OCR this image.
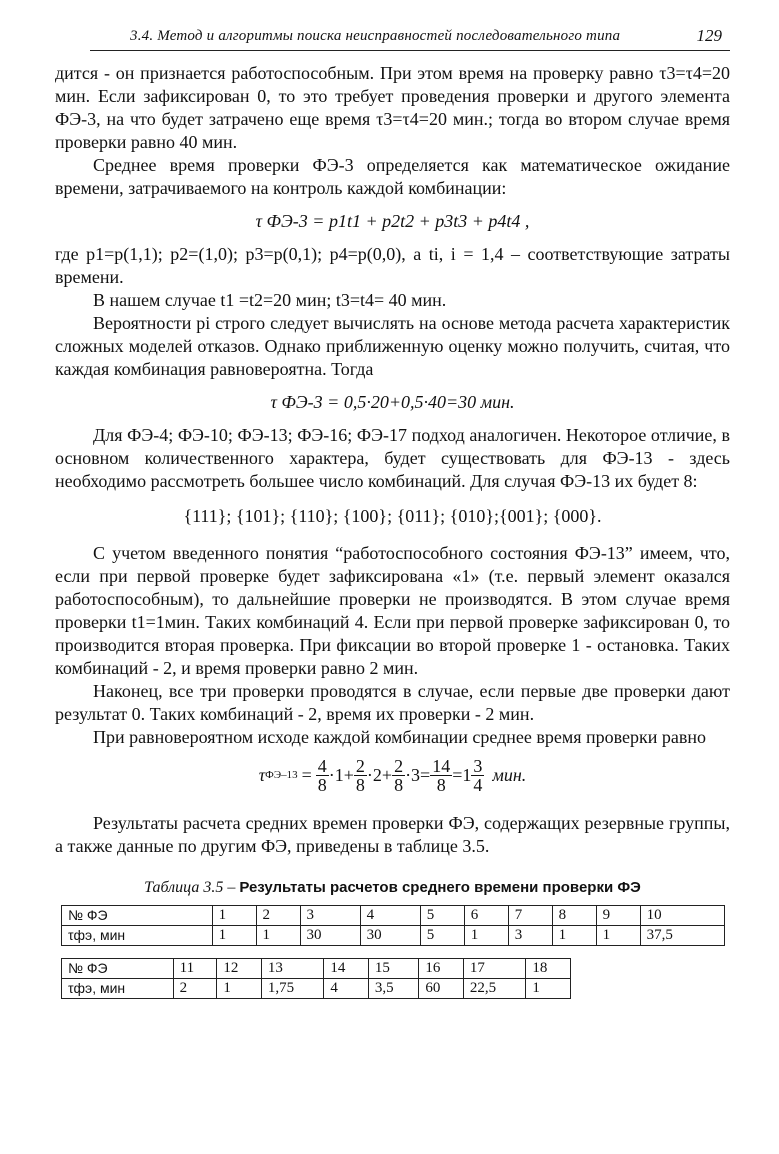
3.4. Метод и алгоритмы поиска неисправностей последовательного типа	129

дится - он признается работоспособным. При этом время на проверку равно τ3=τ4=20 мин. Если зафиксирован 0, то это требует проведения проверки и другого элемента ФЭ-3, на что будет затрачено еще время τ3=τ4=20 мин.; тогда во втором случае время проверки равно 40 мин.

Среднее время проверки ФЭ-3 определяется как математическое ожидание времени, затрачиваемого на контроль каждой комбинации:

τ ФЭ-3 = p1t1 + p2t2 + p3t3 + p4t4 ,

где p1=p(1,1); p2=(1,0); p3=p(0,1); p4=p(0,0), а ti, i = 1,4 – соответствующие затраты времени.

В нашем случае t1 =t2=20 мин; t3=t4= 40 мин.

Вероятности pi строго следует вычислять на основе метода расчета характеристик сложных моделей отказов. Однако приближенную оценку можно получить, считая, что каждая комбинация равновероятна. Тогда

τ ФЭ-3 = 0,5·20+0,5·40=30 мин.

Для ФЭ-4; ФЭ-10; ФЭ-13; ФЭ-16; ФЭ-17 подход аналогичен. Некоторое отличие, в основном количественного характера, будет существовать для ФЭ-13 - здесь необходимо рассмотреть большее число комбинаций. Для случая ФЭ-13 их будет 8:

{111}; {101}; {110}; {100}; {011}; {010};{001}; {000}.

С учетом введенного понятия “работоспособного состояния ФЭ-13” имеем, что, если при первой проверке будет зафиксирована «1» (т.е. первый элемент оказался работоспособным), то дальнейшие проверки не производятся. В этом случае время проверки t1=1мин. Таких комбинаций 4. Если при первой проверке зафиксирован 0, то производится вторая проверка. При фиксации во второй проверке 1 - остановка. Таких комбинаций - 2, и время проверки равно 2 мин.

Наконец, все три проверки проводятся в случае, если первые две проверки дают результат 0. Таких комбинаций - 2, время их проверки - 2 мин.

При равновероятном исходе каждой комбинации среднее время проверки равно

τ $ФЭ-13 = \frac{4}{8} \cdot 1+ \frac{2}{8} \cdot 2+ \frac{2}{8} \cdot 3= \frac{14}{8} =1 \frac{3}{4}$ мин.

Результаты расчета средних времен проверки ФЭ, содержащих резервные группы, а также данные по другим ФЭ, приведены в таблице 3.5.

Таблица 3.5 – Результаты расчетов среднего времени проверки ФЭ
№ ФЭ	1	2	3	4	5	6	7	8	9	10
τфэ, мин	1	1	30	30	5	1	3	1	1	37,5
№ ФЭ	11	12	13	14	15	16	17	18
τфэ, мин	2	1	1,75	4	3,5	60	22,5	1
